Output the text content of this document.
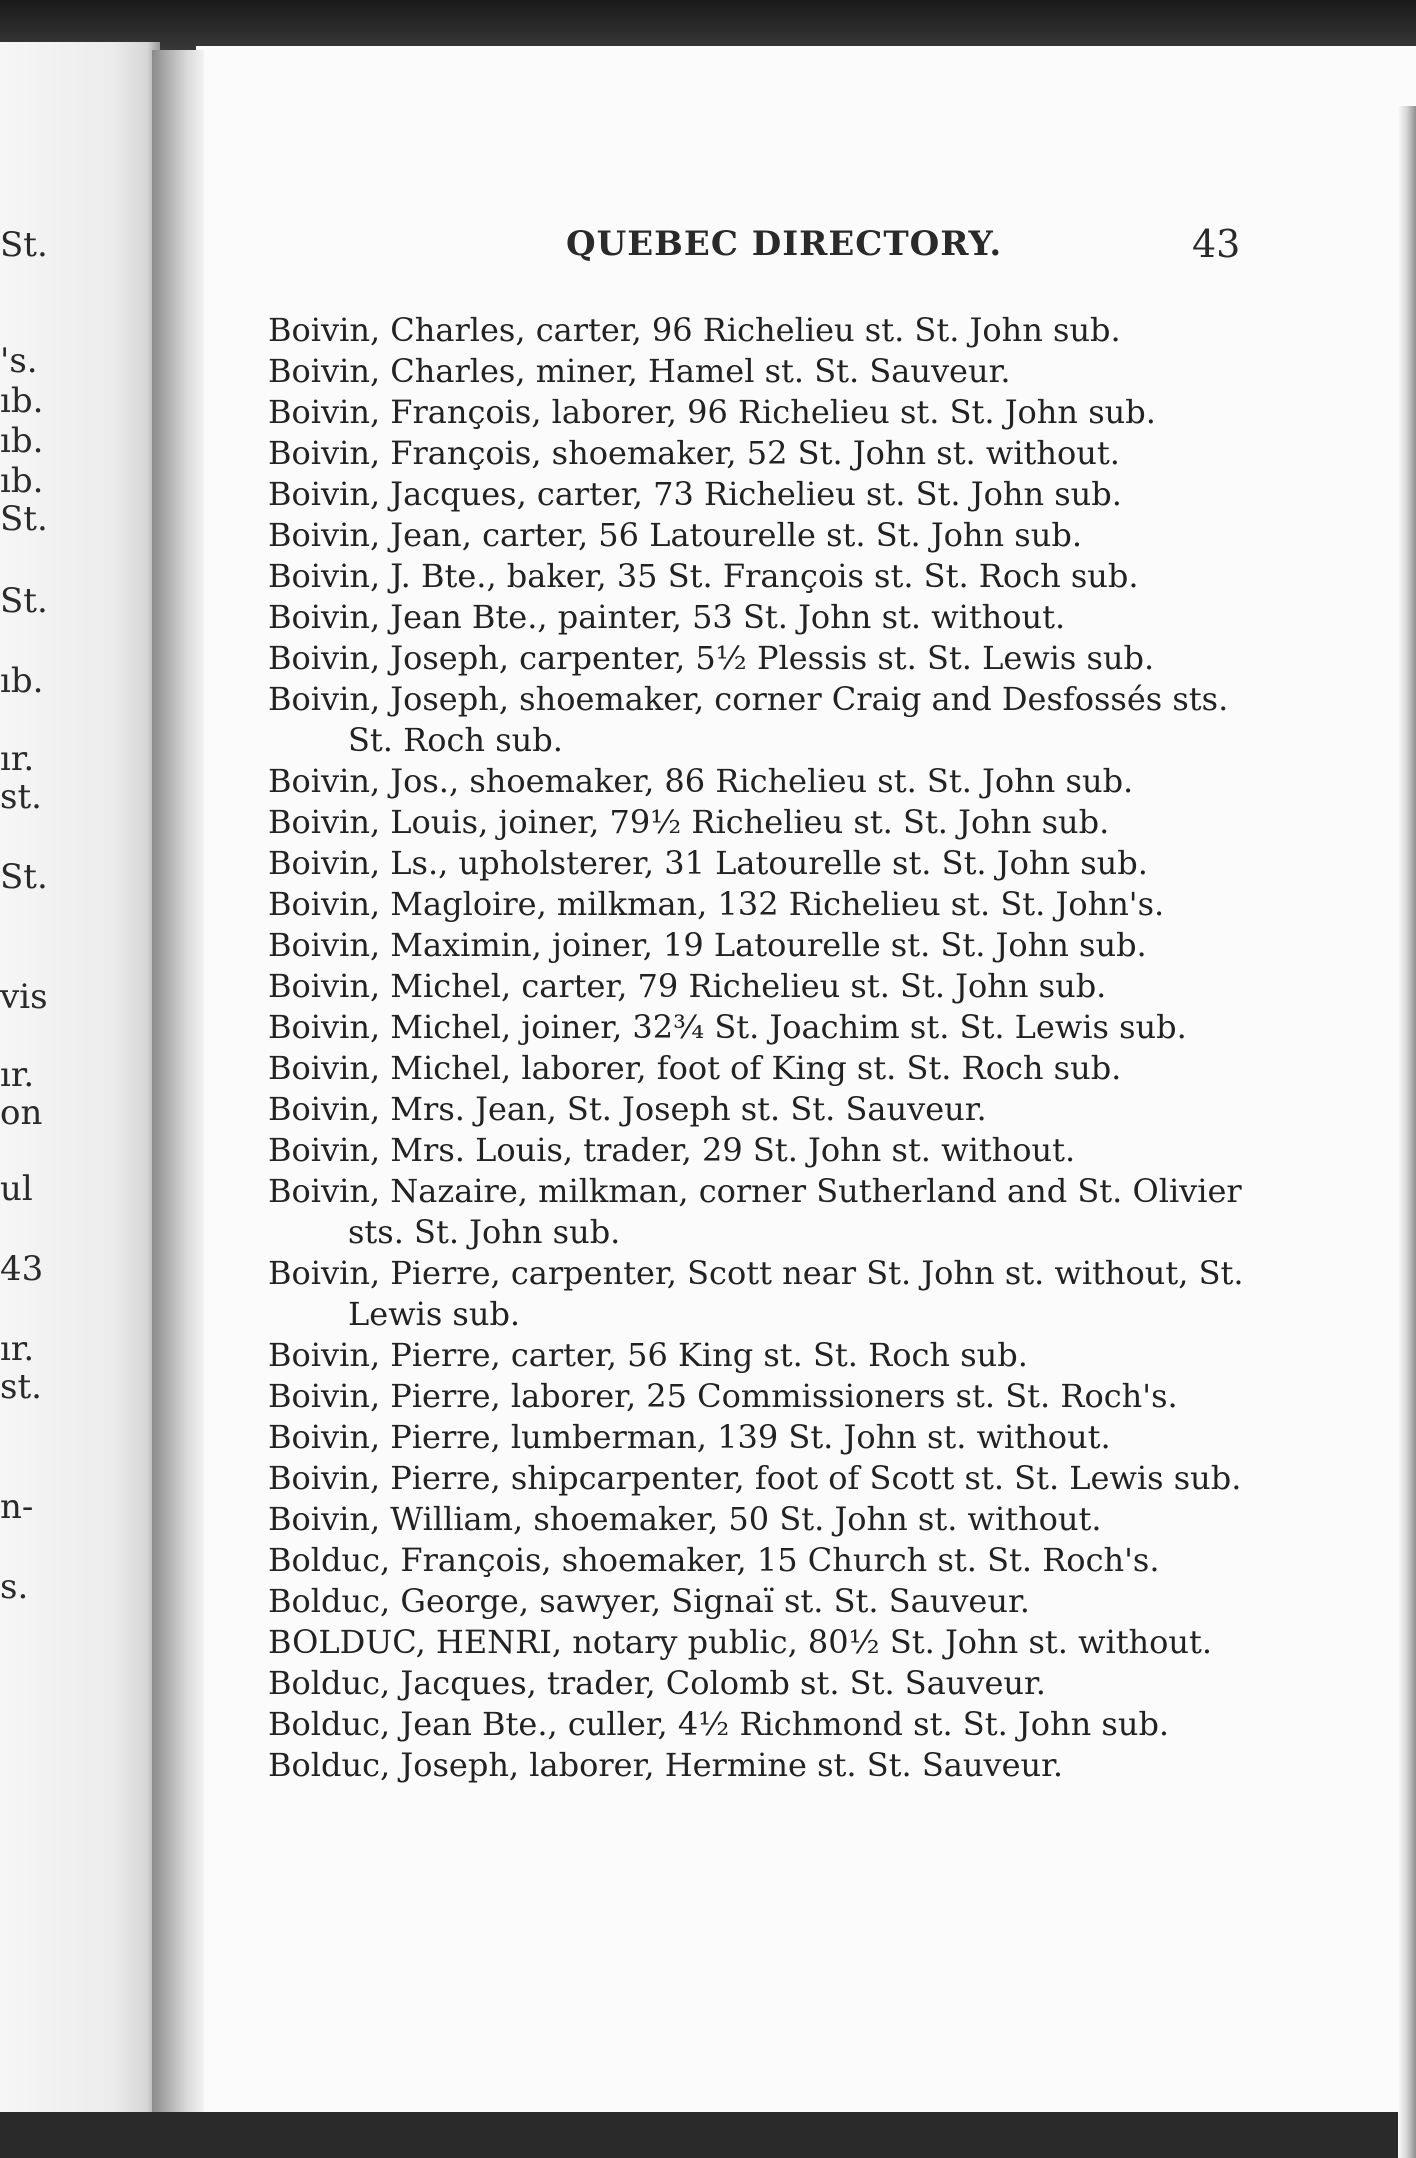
St.
's.
ıb.
ıb.
ıb.
St.
St.
ıb.
ır.
st.
St.
vis
ır.
on
ul
43
ır.
st.
n-
s.
QUEBEC DIRECTORY.	43

Boivin, Charles, carter, 96 Richelieu st. St. John sub.

Boivin, Charles, miner, Hamel st. St. Sauveur.

Boivin, François, laborer, 96 Richelieu st. St. John sub.

Boivin, François, shoemaker, 52 St. John st. without.

Boivin, Jacques, carter, 73 Richelieu st. St. John sub.

Boivin, Jean, carter, 56 Latourelle st. St. John sub.

Boivin, J. Bte., baker, 35 St. François st. St. Roch sub.

Boivin, Jean Bte., painter, 53 St. John st. without.

Boivin, Joseph, carpenter, 5½ Plessis st. St. Lewis sub.

Boivin, Joseph, shoemaker, corner Craig and Desfossés sts. St. Roch sub.

Boivin, Jos., shoemaker, 86 Richelieu st. St. John sub.

Boivin, Louis, joiner, 79½ Richelieu st. St. John sub.

Boivin, Ls., upholsterer, 31 Latourelle st. St. John sub.

Boivin, Magloire, milkman, 132 Richelieu st. St. John's.

Boivin, Maximin, joiner, 19 Latourelle st. St. John sub.

Boivin, Michel, carter, 79 Richelieu st. St. John sub.

Boivin, Michel, joiner, 32¾ St. Joachim st. St. Lewis sub.

Boivin, Michel, laborer, foot of King st. St. Roch sub.

Boivin, Mrs. Jean, St. Joseph st. St. Sauveur.

Boivin, Mrs. Louis, trader, 29 St. John st. without.

Boivin, Nazaire, milkman, corner Sutherland and St. Olivier sts. St. John sub.

Boivin, Pierre, carpenter, Scott near St. John st. without, St. Lewis sub.

Boivin, Pierre, carter, 56 King st. St. Roch sub.

Boivin, Pierre, laborer, 25 Commissioners st. St. Roch's.

Boivin, Pierre, lumberman, 139 St. John st. without.

Boivin, Pierre, shipcarpenter, foot of Scott st. St. Lewis sub.

Boivin, William, shoemaker, 50 St. John st. without.

Bolduc, François, shoemaker, 15 Church st. St. Roch's.

Bolduc, George, sawyer, Signaï st. St. Sauveur.

BOLDUC, HENRI, notary public, 80½ St. John st. without.

Bolduc, Jacques, trader, Colomb st. St. Sauveur.

Bolduc, Jean Bte., culler, 4½ Richmond st. St. John sub.

Bolduc, Joseph, laborer, Hermine st. St. Sauveur.
